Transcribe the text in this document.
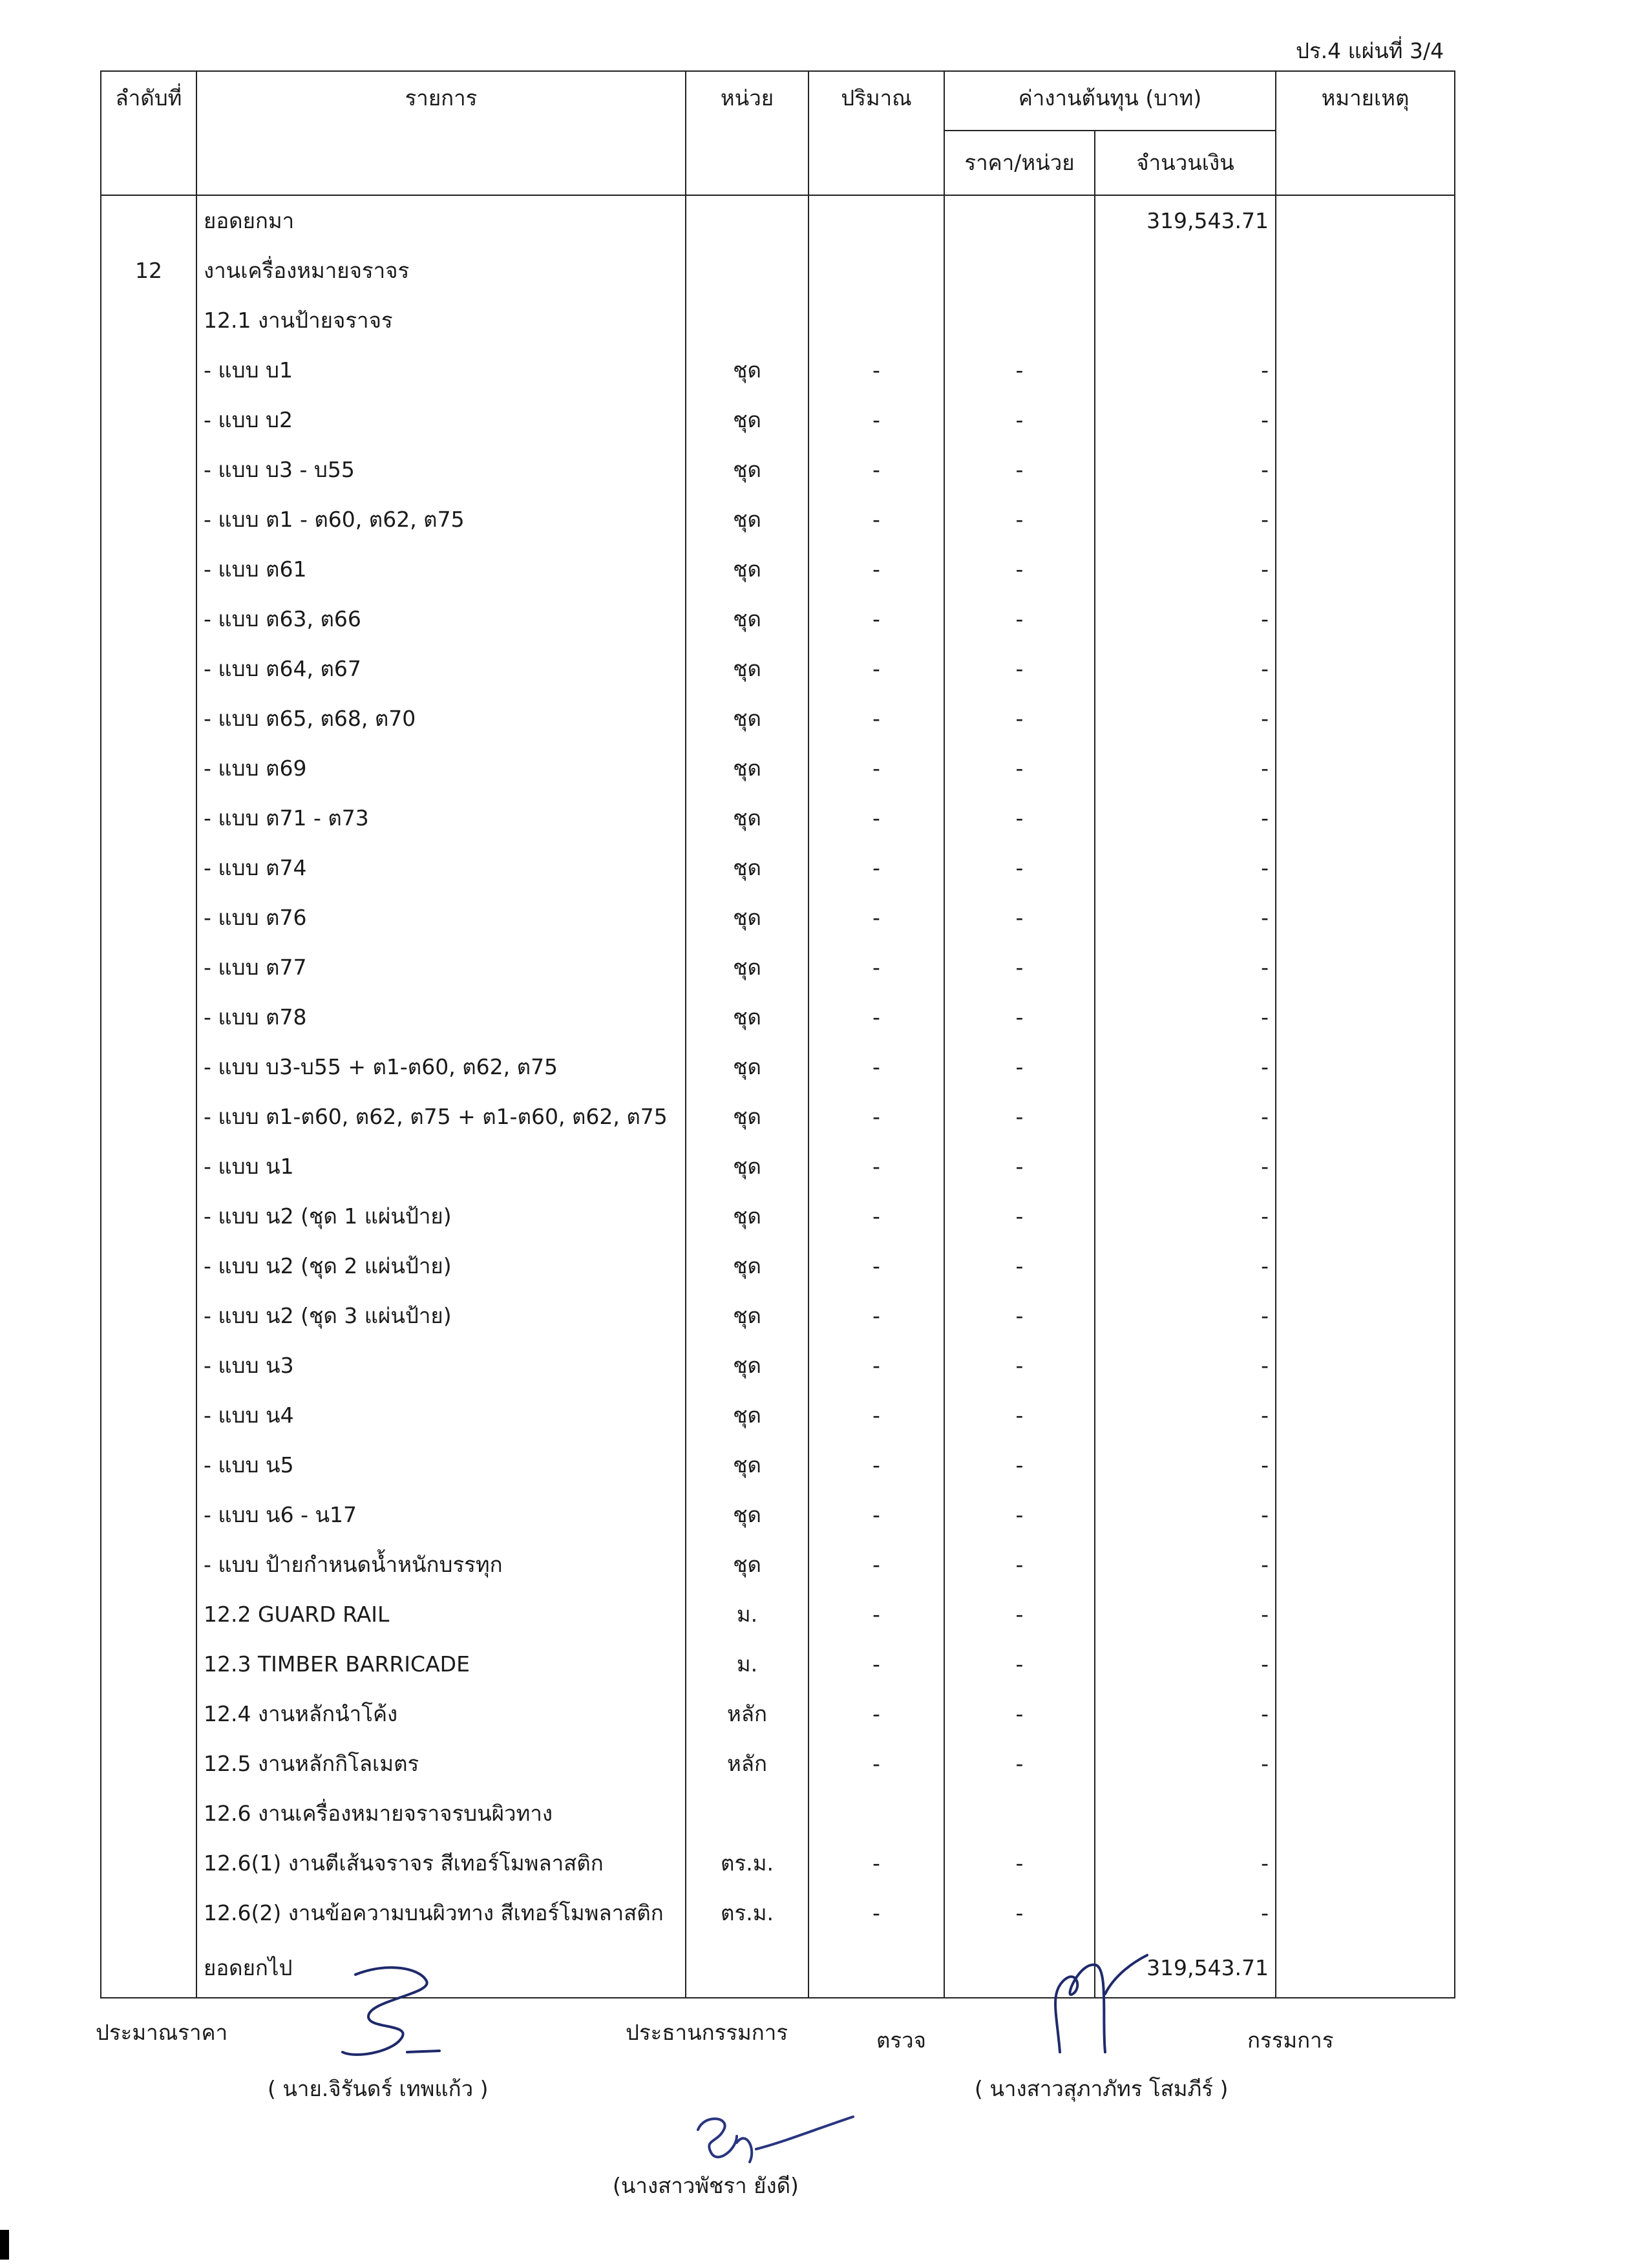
ปร.4 แผ่นที่ 3/4
ลำดับที่	รายการ	หน่วย	ปริมาณ	ค่างานต้นทุน (บาท)		หมายเหตุ
				ราคา/หน่วย	จำนวนเงิน	
	ยอดยกมา				319,543.71	
12	งานเครื่องหมายจราจร					
	12.1 งานป้ายจราจร					
	- แบบ บ1	ชุด	-	-	-	
	- แบบ บ2	ชุด	-	-	-	
	- แบบ บ3 - บ55	ชุด	-	-	-	
	- แบบ ต1 - ต60, ต62, ต75	ชุด	-	-	-	
	- แบบ ต61	ชุด	-	-	-	
	- แบบ ต63, ต66	ชุด	-	-	-	
	- แบบ ต64, ต67	ชุด	-	-	-	
	- แบบ ต65, ต68, ต70	ชุด	-	-	-	
	- แบบ ต69	ชุด	-	-	-	
	- แบบ ต71 - ต73	ชุด	-	-	-	
	- แบบ ต74	ชุด	-	-	-	
	- แบบ ต76	ชุด	-	-	-	
	- แบบ ต77	ชุด	-	-	-	
	- แบบ ต78	ชุด	-	-	-	
	- แบบ บ3-บ55 + ต1-ต60, ต62, ต75	ชุด	-	-	-	
	- แบบ ต1-ต60, ต62, ต75 + ต1-ต60, ต62, ต75	ชุด	-	-	-	
	- แบบ น1	ชุด	-	-	-	
	- แบบ น2 (ชุด 1 แผ่นป้าย)	ชุด	-	-	-	
	- แบบ น2 (ชุด 2 แผ่นป้าย)	ชุด	-	-	-	
	- แบบ น2 (ชุด 3 แผ่นป้าย)	ชุด	-	-	-	
	- แบบ น3	ชุด	-	-	-	
	- แบบ น4	ชุด	-	-	-	
	- แบบ น5	ชุด	-	-	-	
	- แบบ น6 - น17	ชุด	-	-	-	
	- แบบ ป้ายกำหนดน้ำหนักบรรทุก	ชุด	-	-	-	
	12.2 GUARD RAIL	ม.	-	-	-	
	12.3 TIMBER BARRICADE	ม.	-	-	-	
	12.4 งานหลักนำโค้ง	หลัก	-	-	-	
	12.5 งานหลักกิโลเมตร	หลัก	-	-	-	
	12.6 งานเครื่องหมายจราจรบนผิวทาง					
	12.6(1) งานตีเส้นจราจร สีเทอร์โมพลาสติก	ตร.ม.	-	-	-	
	12.6(2) งานข้อความบนผิวทาง สีเทอร์โมพลาสติก	ตร.ม.	-	-	-	
	ยอดยกไป				319,543.71	
ประมาณราคา
( นาย.จิรันดร์ เทพแก้ว )
ประธานกรรมการ	ตรวจ	กรรมการ
( นางสาวสุภาภัทร โสมภีร์ )
(นางสาวพัชรา ยังดี)
